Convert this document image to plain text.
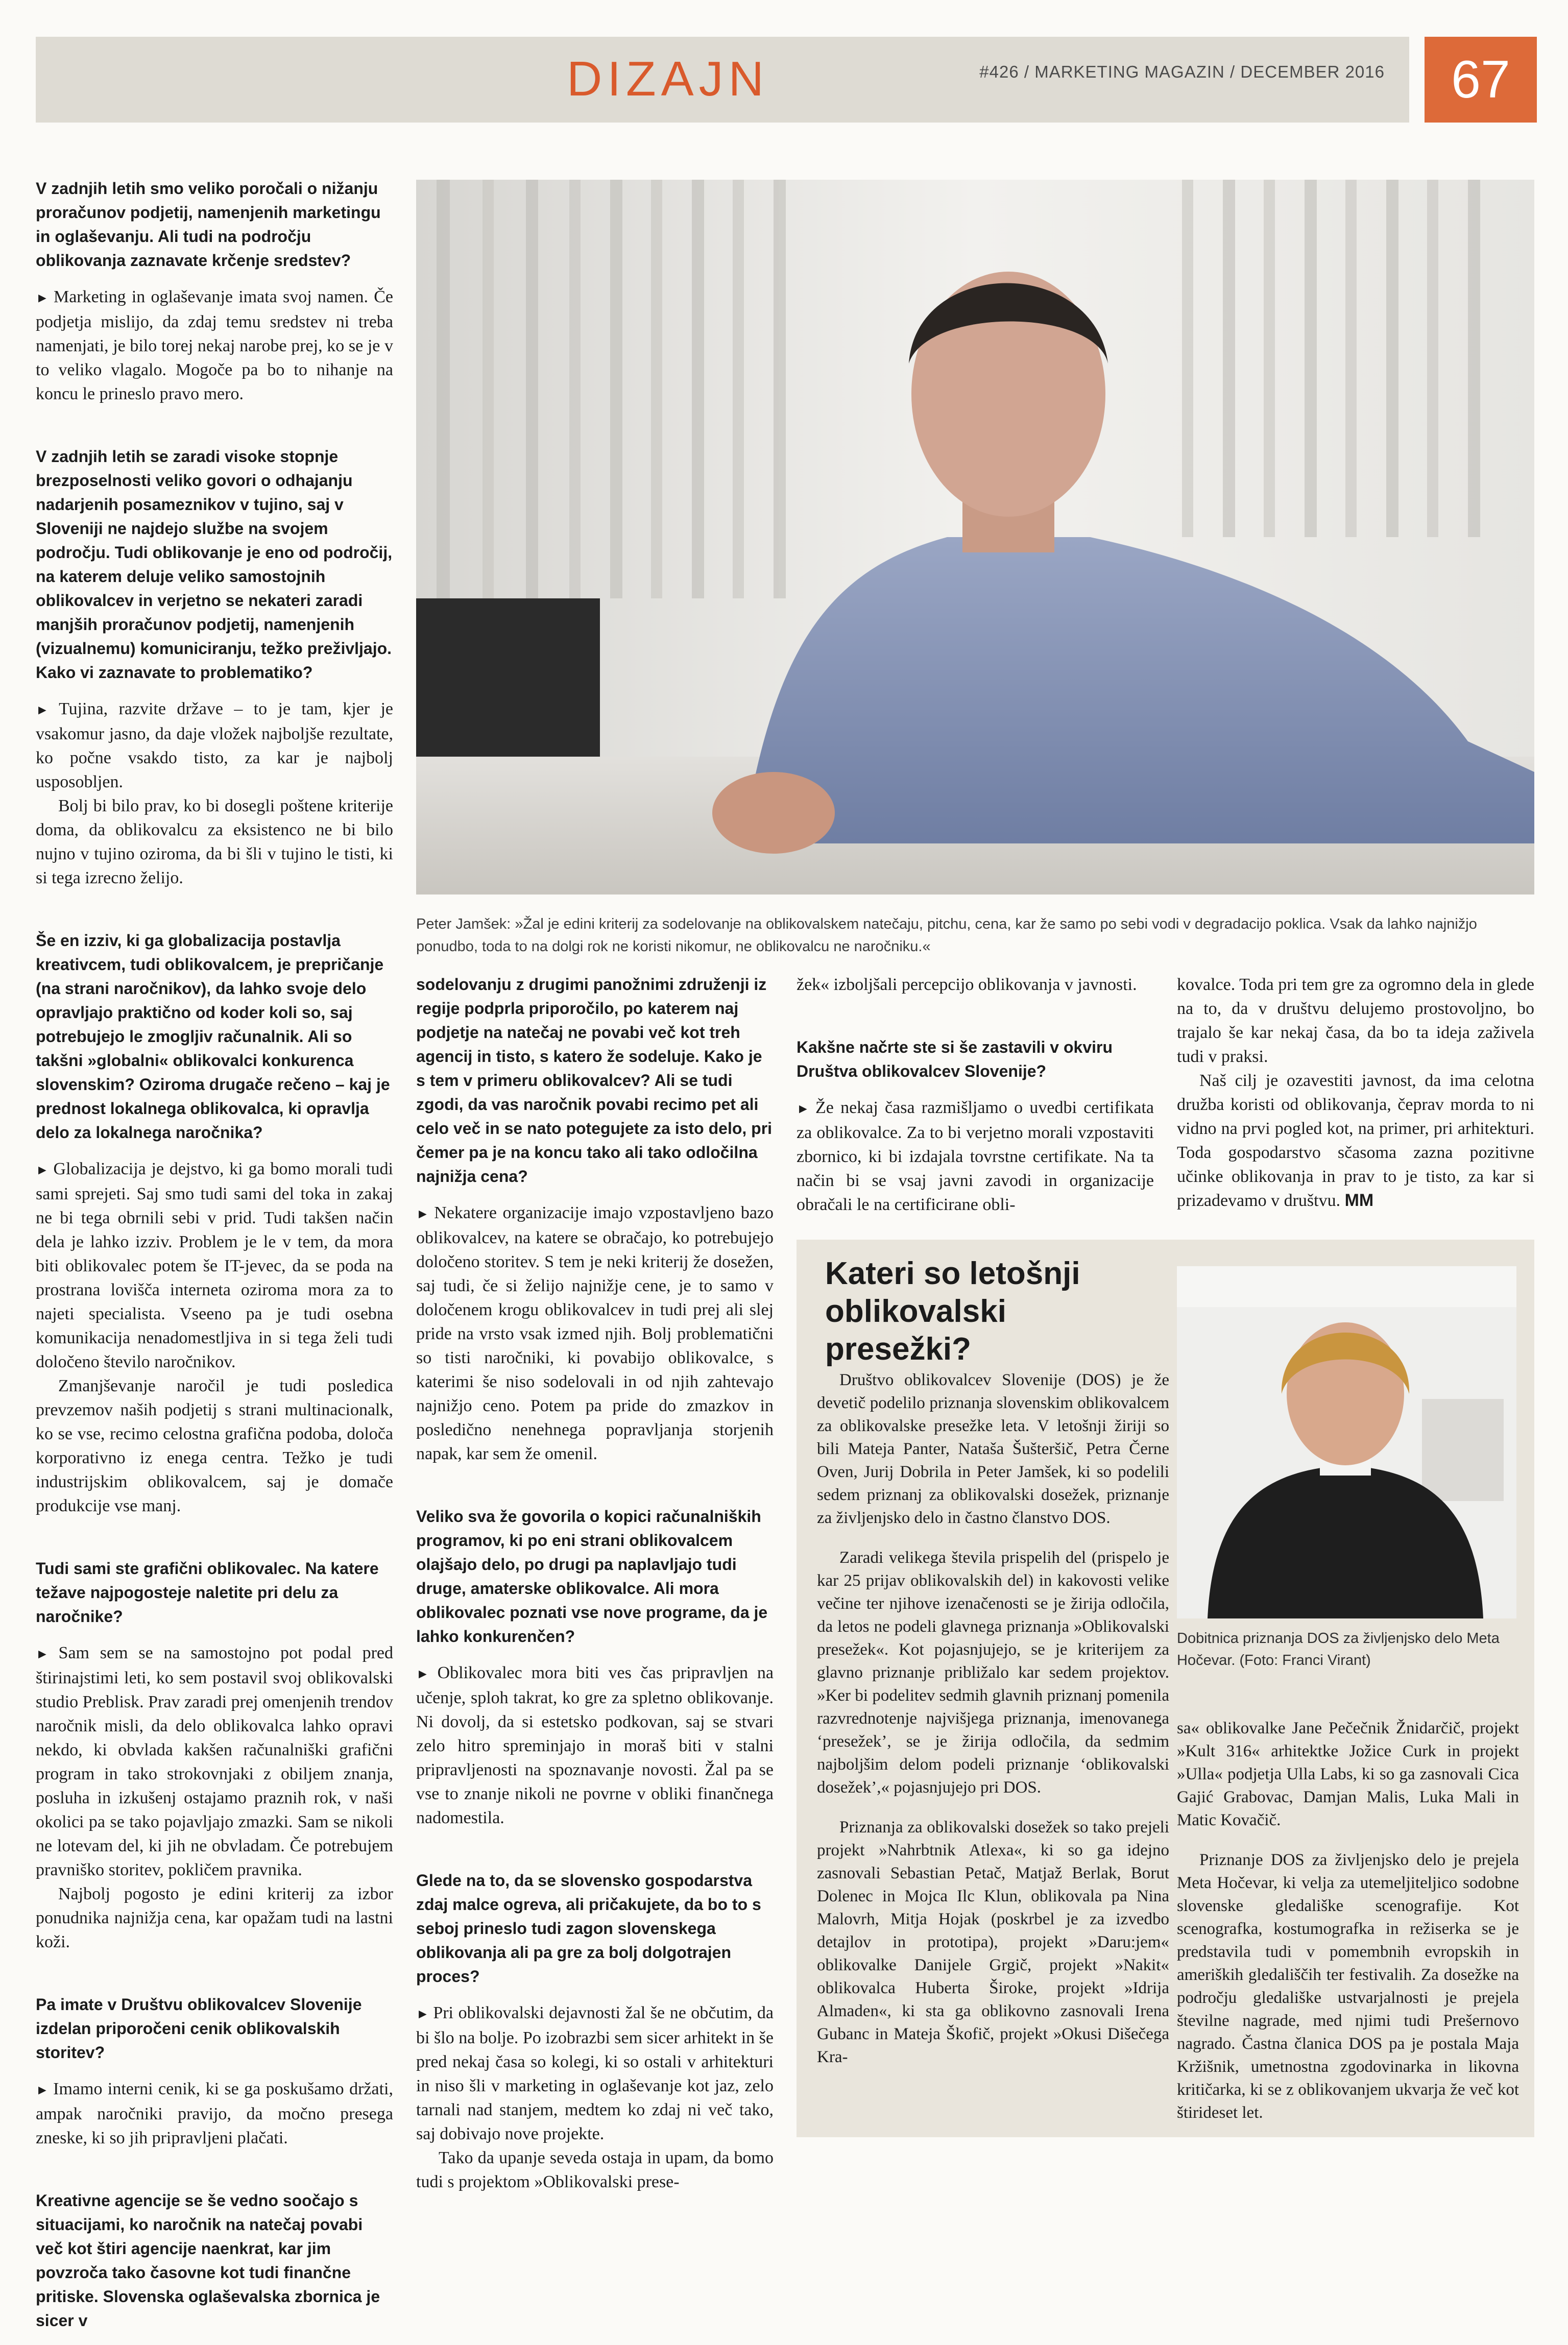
DIZAJN	#426 / MARKETING MAGAZIN / DECEMBER 2016	67

V zadnjih letih smo veliko poročali o nižanju proračunov podjetij, namenjenih marketingu in oglaševanju. Ali tudi na področju oblikovanja zaznavate krčenje sredstev?

► Marketing in oglaševanje imata svoj namen. Če podjetja mislijo, da zdaj temu sredstev ni treba namenjati, je bilo torej nekaj narobe prej, ko se je v to veliko vlagalo. Mogoče pa bo to nihanje na koncu le prineslo pravo mero.

V zadnjih letih se zaradi visoke stopnje brezposelnosti veliko govori o odhajanju nadarjenih posameznikov v tujino, saj v Sloveniji ne najdejo službe na svojem področju. Tudi oblikovanje je eno od področij, na katerem deluje veliko samostojnih oblikovalcev in verjetno se nekateri zaradi manjših proračunov podjetij, namenjenih (vizualnemu) komuniciranju, težko preživljajo. Kako vi zaznavate to problematiko?

► Tujina, razvite države – to je tam, kjer je vsakomur jasno, da daje vložek najboljše rezultate, ko počne vsakdo tisto, za kar je najbolj usposobljen.

Bolj bi bilo prav, ko bi dosegli poštene kriterije doma, da oblikovalcu za eksistenco ne bi bilo nujno v tujino oziroma, da bi šli v tujino le tisti, ki si tega izrecno želijo.

Še en izziv, ki ga globalizacija postavlja kreativcem, tudi oblikovalcem, je prepričanje (na strani naročnikov), da lahko svoje delo opravljajo praktično od koder koli so, saj potrebujejo le zmogljiv računalnik. Ali so takšni »globalni« oblikovalci konkurenca slovenskim? Oziroma drugače rečeno – kaj je prednost lokalnega oblikovalca, ki opravlja delo za lokalnega naročnika?

► Globalizacija je dejstvo, ki ga bomo morali tudi sami sprejeti. Saj smo tudi sami del toka in zakaj ne bi tega obrnili sebi v prid. Tudi takšen način dela je lahko izziv. Problem je le v tem, da mora biti oblikovalec potem še IT-jevec, da se poda na prostrana lovišča interneta oziroma mora za to najeti specialista. Vseeno pa je tudi osebna komunikacija nenadomestljiva in si tega želi tudi določeno število naročnikov.

Zmanjševanje naročil je tudi posledica prevzemov naših podjetij s strani multinacionalk, ko se vse, recimo celostna grafična podoba, določa korporativno iz enega centra. Težko je tudi industrijskim oblikovalcem, saj je domače produkcije vse manj.

Tudi sami ste grafični oblikovalec. Na katere težave najpogosteje naletite pri delu za naročnike?

► Sam sem se na samostojno pot podal pred štirinajstimi leti, ko sem postavil svoj oblikovalski studio Preblisk. Prav zaradi prej omenjenih trendov naročnik misli, da delo oblikovalca lahko opravi nekdo, ki obvlada kakšen računalniški grafični program in tako strokovnjaki z obiljem znanja, posluha in izkušenj ostajamo praznih rok, v naši okolici pa se tako pojavljajo zmazki. Sam se nikoli ne lotevam del, ki jih ne obvladam. Če potrebujem pravniško storitev, pokličem pravnika.

Najbolj pogosto je edini kriterij za izbor ponudnika najnižja cena, kar opažam tudi na lastni koži.

Pa imate v Društvu oblikovalcev Slovenije izdelan priporočeni cenik oblikovalskih storitev?

► Imamo interni cenik, ki se ga poskušamo držati, ampak naročniki pravijo, da močno presega zneske, ki so jih pripravljeni plačati.

Kreativne agencije se še vedno soočajo s situacijami, ko naročnik na natečaj povabi več kot štiri agencije naenkrat, kar jim povzroča tako časovne kot tudi finančne pritiske. Slovenska oglaševalska zbornica je sicer v

Peter Jamšek: »Žal je edini kriterij za sodelovanje na oblikovalskem natečaju, pitchu, cena, kar že samo po sebi vodi v degradacijo poklica. Vsak da lahko najnižjo ponudbo, toda to na dolgi rok ne koristi nikomur, ne oblikovalcu ne naročniku.«

sodelovanju z drugimi panožnimi združenji iz regije podprla priporočilo, po katerem naj podjetje na natečaj ne povabi več kot treh agencij in tisto, s katero že sodeluje. Kako je s tem v primeru oblikovalcev? Ali se tudi zgodi, da vas naročnik povabi recimo pet ali celo več in se nato potegujete za isto delo, pri čemer pa je na koncu tako ali tako odločilna najnižja cena?

► Nekatere organizacije imajo vzpostavljeno bazo oblikovalcev, na katere se obračajo, ko potrebujejo določeno storitev. S tem je neki kriterij že dosežen, saj tudi, če si želijo najnižje cene, je to samo v določenem krogu oblikovalcev in tudi prej ali slej pride na vrsto vsak izmed njih. Bolj problematični so tisti naročniki, ki povabijo oblikovalce, s katerimi še niso sodelovali in od njih zahtevajo najnižjo ceno. Potem pa pride do zmazkov in posledično nenehnega popravljanja storjenih napak, kar sem že omenil.

Veliko sva že govorila o kopici računalniških programov, ki po eni strani oblikovalcem olajšajo delo, po drugi pa naplavljajo tudi druge, amaterske oblikovalce. Ali mora oblikovalec poznati vse nove programe, da je lahko konkurenčen?

► Oblikovalec mora biti ves čas pripravljen na učenje, sploh takrat, ko gre za spletno oblikovanje. Ni dovolj, da si estetsko podkovan, saj se stvari zelo hitro spreminjajo in moraš biti v stalni pripravljenosti na spoznavanje novosti. Žal pa se vse to znanje nikoli ne povrne v obliki finančnega nadomestila.

Glede na to, da se slovensko gospodarstva zdaj malce ogreva, ali pričakujete, da bo to s seboj prineslo tudi zagon slovenskega oblikovanja ali pa gre za bolj dolgotrajen proces?

► Pri oblikovalski dejavnosti žal še ne občutim, da bi šlo na bolje. Po izobrazbi sem sicer arhitekt in še pred nekaj časa so kolegi, ki so ostali v arhitekturi in niso šli v marketing in oglaševanje kot jaz, zelo tarnali nad stanjem, medtem ko zdaj ni več tako, saj dobivajo nove projekte.

Tako da upanje seveda ostaja in upam, da bomo tudi s projektom »Oblikovalski prese-

žek« izboljšali percepcijo oblikovanja v javnosti.

Kakšne načrte ste si še zastavili v okviru Društva oblikovalcev Slovenije?

► Že nekaj časa razmišljamo o uvedbi certifikata za oblikovalce. Za to bi verjetno morali vzpostaviti zbornico, ki bi izdajala tovrstne certifikate. Na ta način bi se vsaj javni zavodi in organizacije obračali le na certificirane obli-

kovalce. Toda pri tem gre za ogromno dela in glede na to, da v društvu delujemo prostovoljno, bo trajalo še kar nekaj časa, da bo ta ideja zaživela tudi v praksi.

Naš cilj je ozavestiti javnost, da ima celotna družba koristi od oblikovanja, čeprav morda to ni vidno na prvi pogled kot, na primer, pri arhitekturi. Toda gospodarstvo sčasoma zazna pozitivne učinke oblikovanja in prav to je tisto, za kar si prizadevamo v društvu. MM

Kateri so letošnji oblikovalski presežki?

Društvo oblikovalcev Slovenije (DOS) je že devetič podelilo priznanja slovenskim oblikovalcem za oblikovalske presežke leta. V letošnji žiriji so bili Mateja Panter, Nataša Šušteršič, Petra Černe Oven, Jurij Dobrila in Peter Jamšek, ki so podelili sedem priznanj za oblikovalski dosežek, priznanje za življenjsko delo in častno članstvo DOS.

Zaradi velikega števila prispelih del (prispelo je kar 25 prijav oblikovalskih del) in kakovosti velike večine ter njihove izenačenosti se je žirija odločila, da letos ne podeli glavnega priznanja »Oblikovalski presežek«. Kot pojasnjujejo, se je kriterijem za glavno priznanje približalo kar sedem projektov. »Ker bi podelitev sedmih glavnih priznanj pomenila razvrednotenje najvišjega priznanja, imenovanega ‘presežek’, se je žirija odločila, da sedmim najboljšim delom podeli priznanje ‘oblikovalski dosežek’,« pojasnjujejo pri DOS.

Priznanja za oblikovalski dosežek so tako prejeli projekt »Nahrbtnik Atlexa«, ki so ga idejno zasnovali Sebastian Petač, Matjaž Berlak, Borut Dolenec in Mojca Ilc Klun, oblikovala pa Nina Malovrh, Mitja Hojak (poskrbel je za izvedbo detajlov in prototipa), projekt »Daru:jem« oblikovalke Danijele Grgič, projekt »Nakit« oblikovalca Huberta Široke, projekt »Idrija Almaden«, ki sta ga oblikovno zasnovali Irena Gubanc in Mateja Škofič, projekt »Okusi Dišečega Kra-

Dobitnica priznanja DOS za življenjsko delo Meta Hočevar. (Foto: Franci Virant)

sa« oblikovalke Jane Pečečnik Žnidarčič, projekt »Kult 316« arhitektke Jožice Curk in projekt »Ulla« podjetja Ulla Labs, ki so ga zasnovali Cica Gajić Grabovac, Damjan Malis, Luka Mali in Matic Kovačič.

Priznanje DOS za življenjsko delo je prejela Meta Hočevar, ki velja za utemeljiteljico sodobne slovenske gledališke scenografije. Kot scenografka, kostumografka in režiserka se je predstavila tudi v pomembnih evropskih in ameriških gledališčih ter festivalih. Za dosežke na področju gledališke ustvarjalnosti je prejela številne nagrade, med njimi tudi Prešernovo nagrado. Častna članica DOS pa je postala Maja Kržišnik, umetnostna zgodovinarka in likovna kritičarka, ki se z oblikovanjem ukvarja že več kot štirideset let.
